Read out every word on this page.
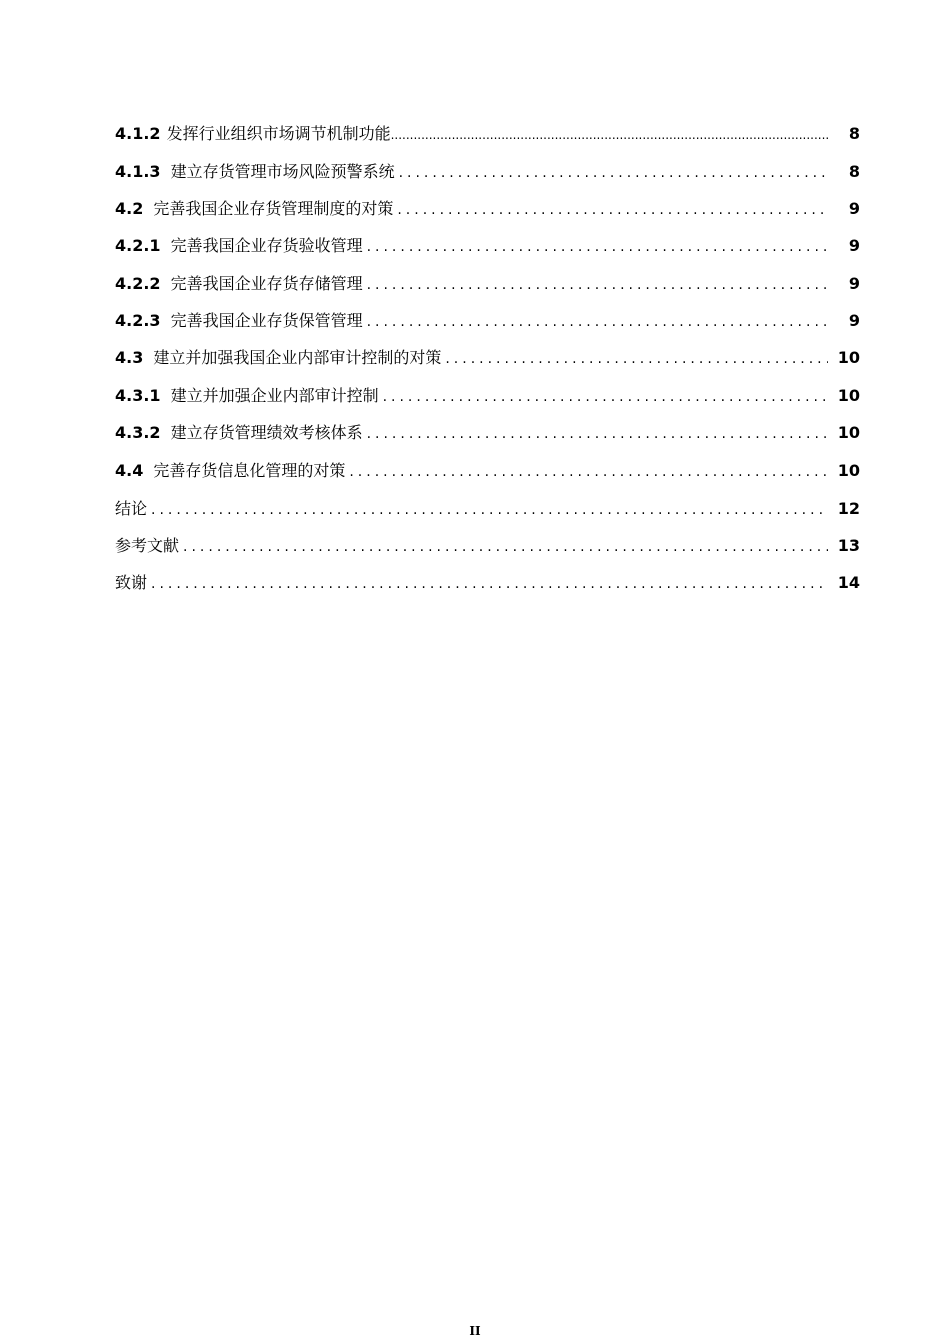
4.1.2 发挥行业组织市场调节机制功能 .....	8
4.1.3 建立存货管理市场风险预警系统 .....	8
4.2 完善我国企业存货管理制度的对策 .....	9
4.2.1 完善我国企业存货验收管理 .....	9
4.2.2 完善我国企业存货存储管理 .....	9
4.2.3 完善我国企业存货保管管理 .....	9
4.3 建立并加强我国企业内部审计控制的对策 .....	10
4.3.1 建立并加强企业内部审计控制 .....	10
4.3.2 建立存货管理绩效考核体系 .....	10
4.4 完善存货信息化管理的对策 .....	10
结论 .....	12
参考文献 .....	13
致谢 .....	14
II
